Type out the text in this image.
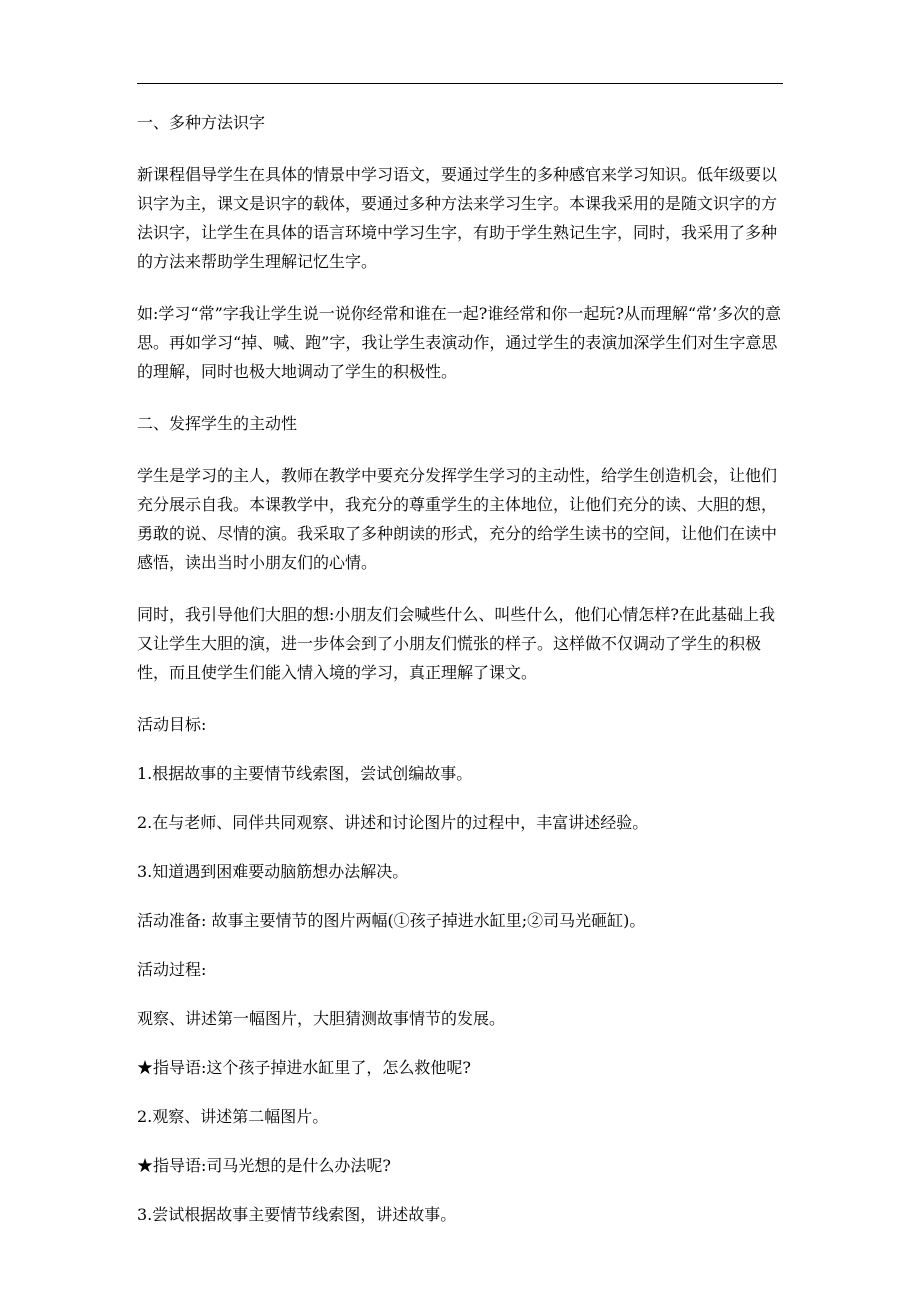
一、多种方法识字

新课程倡导学生在具体的情景中学习语文，要通过学生的多种感官来学习知识。低年级要以识字为主，课文是识字的载体，要通过多种方法来学习生字。本课我采用的是随文识字的方法识字，让学生在具体的语言环境中学习生字，有助于学生熟记生字，同时，我采用了多种的方法来帮助学生理解记忆生字。

如:学习“常”字我让学生说一说你经常和谁在一起?谁经常和你一起玩?从而理解“常’多次的意思。再如学习“掉、喊、跑”字，我让学生表演动作，通过学生的表演加深学生们对生字意思的理解，同时也极大地调动了学生的积极性。

二、发挥学生的主动性

学生是学习的主人，教师在教学中要充分发挥学生学习的主动性，给学生创造机会，让他们充分展示自我。本课教学中，我充分的尊重学生的主体地位，让他们充分的读、大胆的想，勇敢的说、尽情的演。我采取了多种朗读的形式，充分的给学生读书的空间，让他们在读中感悟，读出当时小朋友们的心情。

同时，我引导他们大胆的想:小朋友们会喊些什么、叫些什么，他们心情怎样?在此基础上我又让学生大胆的演，进一步体会到了小朋友们慌张的样子。这样做不仅调动了学生的积极性，而且使学生们能入情入境的学习，真正理解了课文。

活动目标:

1.根据故事的主要情节线索图，尝试创编故事。

2.在与老师、同伴共同观察、讲述和讨论图片的过程中，丰富讲述经验。

3.知道遇到困难要动脑筋想办法解决。

活动准备: 故事主要情节的图片两幅(①孩子掉进水缸里;②司马光砸缸)。

活动过程:

观察、讲述第一幅图片，大胆猜测故事情节的发展。

★指导语:这个孩子掉进水缸里了，怎么救他呢?

2.观察、讲述第二幅图片。

★指导语:司马光想的是什么办法呢?

3.尝试根据故事主要情节线索图，讲述故事。
